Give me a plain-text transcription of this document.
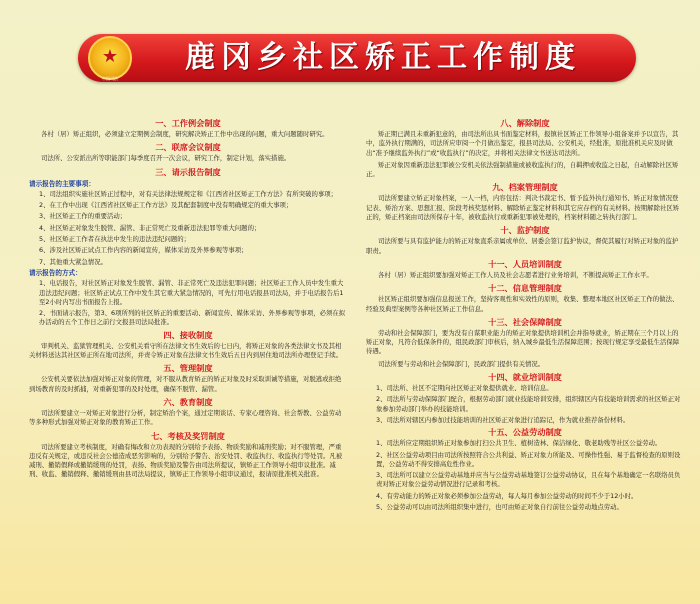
★
中国司法
鹿冈乡社区矫正工作制度
一、工作例会制度
各村（居）矫正组织，必须建立定期例会制度，研究解决矫正工作中出现的问题，重大问题随时研究。
二、联席会议制度
司法所、公安派出所等职能部门每季度召开一次会议，研究工作，制定计划，落实措施。
三、请示报告制度
请示报告的主要事项：
1、司法组织实施社区矫正过程中，对有关法律法规规定和《江西省社区矫正工作方法》有所突破的事项；
2、在工作中出现《江西省社区矫正工作方法》及其配套制度中没有明确规定的重大事项；
3、社区矫正工作的重要活动；
4、社区矫正对象发生脱管、漏管、非正常死亡及重新违法犯罪等重大问题的；
5、社区矫正工作者在执法中发生的违法违纪问题的；
6、涉及社区矫正试点工作内容的新闻宣传，媒体采访及外界参观等事项；
7、其他重大紧急情况。
请示报告的方式：
1、电话报告，对社区矫正对象发生脱管、漏管、非正常死亡及违法犯罪问题；社区矫正工作人员中发生重大违法违纪问题；社区矫正试点工作中发生其它重大紧急情况的，可先行用电话报县司法局，并于电话报告后1至2小时内写出书面报告上报。
2、书面请示报告，第3、6项所列的社区矫正的重要活动、新闻宣传、媒体采访、外界参观等事项，必须在拟办活动的五个工作日之前行文报县司法局批准。
四、接收制度
审判机关、监狱管理机关、公安机关看守所在法律文书生效后的七日内，将矫正对象的各类法律文书及其相关材料送达其社区矫正所在地司法所，并责令矫正对象在法律文书生效后五日内到居住地司法所办理登记手续。
五、管理制度
公安机关要依法加强对矫正对象的管理，对不服从教育矫正的矫正对象及时采取训诫等措施，对脱逃或拒绝到场教育的及时抓捕，对重新犯罪的及时处理，确保不脱管、漏管。
六、教育制度
司法所要建立一对矫正对象进行分析，制定矫治个案，通过定期谈话、专家心理咨询、社会帮教、公益劳动等多种形式加强对矫正对象的教育矫正工作。
七、考核及奖罚制度
司法所要建立考核制度，对确有悔改和立功表现的分别给予表扬、物质奖励和减刑奖励；对不服管理，严重违反有关规定，或违反社会公德造成恶劣影响的，分别给予警告、治安处罚、收监执行、收监执行等处罚。凡被减刑、撤销假释或撤销缓刑的处罚，表扬、物质奖励及警告由司法所提议，镇矫正工作领导小组审议批准。减刑、收监、撤销假释、撤销缓刑由县司法局提议，镇矫正工作领导小组审议通过，报请原批准机关批准。
八、解除制度
矫正期已满且未重新犯意的，由司法所出具书面鉴定材料，报镇社区矫正工作领导小组备案并予以宣告，其中，监外执行期满的，司法所应审阅一个月做出鉴定，报县司法局、公安机关，经批准，原批准机关应及时做出“准予继续监外执行”或“收监执行”的决定，并将相关法律文书送达司法所。
矫正对象因重新违法犯罪被公安机关依法强制措施或被收监执行的，自羁押或收监之日起，自动解除社区矫正。
九、档案管理制度
司法所要建立矫正对象档案，一人一档，内容包括：判决书裁定书、暂予监外执行通知书、矫正对象情况登记表、矫治方案、思想汇报、阶段考核奖惩材料、解除矫正鉴定材料和其它应存档的有关材料。按期解除社区矫正的，矫正档案由司法所保存十年，被收监执行或重新犯罪被处理的，档案材料随之转执行部门。
十、监护制度
司法所要与具有监护能力的矫正对象直系亲属或单位、居委会签订监护协议，督促其履行对矫正对象的监护职责。
十一、人员培训制度
各村（居）矫正组织要加强对矫正工作人员及社会志愿者进行业务培训，不断提高矫正工作水平。
十二、信息管理制度
社区矫正组织要加强信息报送工作，坚持客观性和实效性的原则，收集、整理本地区社区矫正工作的做法、经验及典型案例等各种社区矫正工作信息。
十三、社会保障制度
劳动和社会保障部门，要为没有自谋职业能力的矫正对象提供培训机会并指导就业，矫正期在三个月以上的矫正对象，凡符合低保条件的，组民政部门审核后，纳入城乡最低生活保障范围；按现行规定享受最低生活保障待遇。
司法所要与劳动和社会保障部门，民政部门提供有关情况。
十四、就业培训制度
1、司法所、社区不定期向社区矫正对象提供就业、培训信息。
2、司法所与劳动保障部门配合，根据劳动部门就业技能培训安排，组织辖区内有技能培训需求的社区矫正对象参加劳动部门举办的技能培训。
3、司法所对辖区内参加过技能培训的社区矫正对象进行追踪记，作为就业推荐备份材料。
十五、公益劳动制度
1、司法所应定期组织矫正对象参加打扫公共卫生、植树造林、保洁绿化、敬老助残等社区公益劳动。
2、社区公益劳动项目由司法所按照符合公共利益、矫正对象力所能及、可操作性强、易于监督检查的原则设置，公益劳动不得安排高危性作业。
3、司法所可以建立公益劳动基地并应当与公益劳动基地签订公益劳动协议，且在每个基地确定一名联络员负责对矫正对象公益劳动情况进行记录和考核。
4、有劳动能力的矫正对象必须参加公益劳动，每人每月参加公益劳动的时间不少于12小时。
5、公益劳动可以由司法所组织集中进行，也可由矫正对象自行前往公益劳动地点劳动。
